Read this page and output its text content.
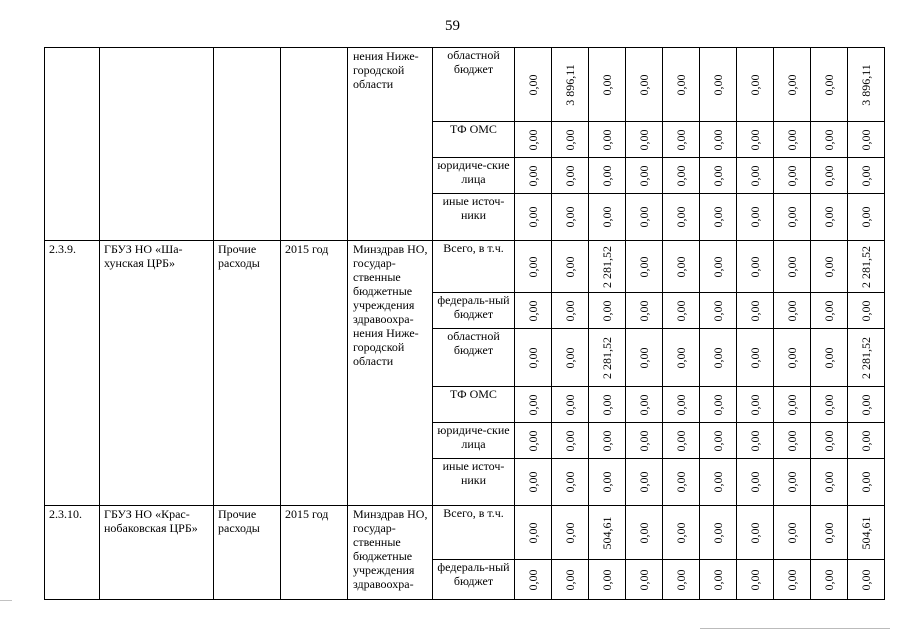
59
				нения Ниже-городской области	областной бюджет	0,00	3 896,11	0,00	0,00	0,00	0,00	0,00	0,00	0,00	3 896,11

					ТФ ОМС	0,00	0,00	0,00	0,00	0,00	0,00	0,00	0,00	0,00	0,00

					юридиче-ские лица	0,00	0,00	0,00	0,00	0,00	0,00	0,00	0,00	0,00	0,00

					иные источ-ники	0,00	0,00	0,00	0,00	0,00	0,00	0,00	0,00	0,00	0,00

2.3.9.	ГБУЗ НО «Ша-хунская ЦРБ»	Прочие расходы	2015 год	Минздрав НО, государ-ственные бюджетные учреждения здравоохра-нения Ниже-городской области	Всего, в т.ч.	0,00	0,00	2 281,52	0,00	0,00	0,00	0,00	0,00	0,00	2 281,52

					федераль-ный бюджет	0,00	0,00	0,00	0,00	0,00	0,00	0,00	0,00	0,00	0,00

					областной бюджет	0,00	0,00	2 281,52	0,00	0,00	0,00	0,00	0,00	0,00	2 281,52

					ТФ ОМС	0,00	0,00	0,00	0,00	0,00	0,00	0,00	0,00	0,00	0,00

					юридиче-ские лица	0,00	0,00	0,00	0,00	0,00	0,00	0,00	0,00	0,00	0,00

					иные источ-ники	0,00	0,00	0,00	0,00	0,00	0,00	0,00	0,00	0,00	0,00

2.3.10.	ГБУЗ НО «Крас-нобаковская ЦРБ»	Прочие расходы	2015 год	Минздрав НО, государ-ственные бюджетные учреждения здравоохра-	Всего, в т.ч.	0,00	0,00	504,61	0,00	0,00	0,00	0,00	0,00	0,00	504,61

					федераль-ный бюджет	0,00	0,00	0,00	0,00	0,00	0,00	0,00	0,00	0,00	0,00
